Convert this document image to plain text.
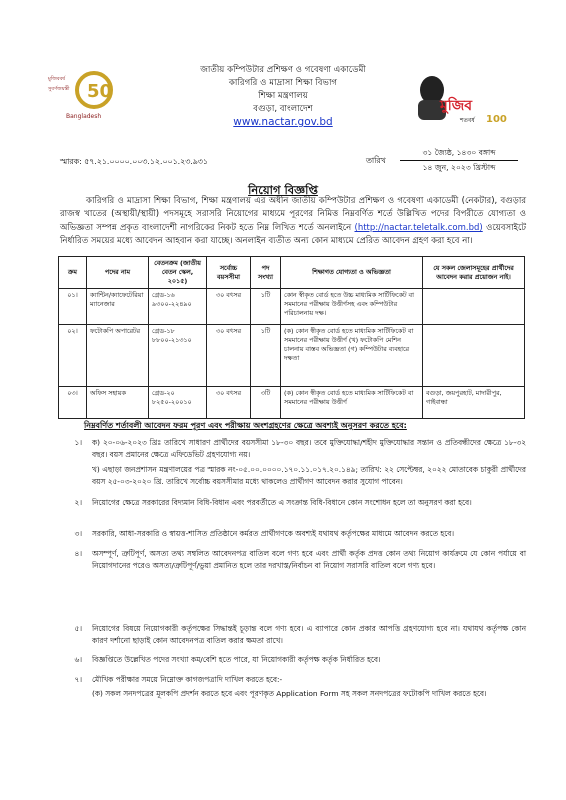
50
মুজিববর্ষ
সুবর্ণজয়ন্তী
Bangladesh
মুজিব
শতবর্ষ 100
জাতীয় কম্পিউটার প্রশিক্ষণ ও গবেষণা একাডেমী
কারিগরি ও মাদ্রাসা শিক্ষা বিভাগ
শিক্ষা মন্ত্রণালয়
বগুড়া, বাংলাদেশ
www.nactar.gov.bd
স্মারক: ৫৭.২১.০০০০.০০৩.১২.০০১.২৩.৯৩১	তারিখ
৩১ জ্যৈষ্ঠ, ১৪৩০ বঙ্গাব্দ
১৪ জুন, ২০২৩ খ্রিস্টাব্দ
নিয়োগ বিজ্ঞপ্তি
কারিগরি ও মাদ্রাসা শিক্ষা বিভাগ, শিক্ষা মন্ত্রণালয় এর অধীন জাতীয় কম্পিউটার প্রশিক্ষণ ও গবেষণা একাডেমী (নেকটার), বগুড়ার রাজস্ব খাতের (অস্থায়ী/স্থায়ী) পদসমূহে সরাসরি নিয়োগের মাধ্যমে পূরণের নিমিত্ত নিম্নবর্ণিত শর্তে উল্লিখিত পদের বিপরীতে যোগ্যতা ও অভিজ্ঞতা সম্পন্ন প্রকৃত বাংলাদেশী নাগরিকের নিকট হতে নিম্ন লিখিত শর্তে অনলাইনে (http://nactar.teletalk.com.bd) ওয়েবসাইটে নির্ধারিত সময়ের মধ্যে আবেদন আহবান করা যাচ্ছে। অনলাইন ব্যতীত অন্য কোন মাধ্যমে প্রেরিত আবেদন গ্রহণ করা হবে না।
ক্রম	পদের নাম	বেতনক্রম (জাতীয় বেতন স্কেল, ২০১৫)	সর্বোচ্চ বয়সসীমা	পদ সংখ্যা	শিক্ষাগত যোগ্যতা ও অভিজ্ঞতা	যে সকল জেলাসমূহের প্রার্থীদের আবেদন করার প্রয়োজন নাই।
০১।	ক্যান্টিন/ক্যাফেটেরিয়া ম্যানেজার	গ্রেড-১৬ ৯৩০০-২২৪৯০	৩০ বৎসর	১টি	কোন স্বীকৃত বোর্ড হতে উচ্চ মাধ্যমিক সার্টিফিকেট বা সমমানের পরীক্ষায় উত্তীর্ণসহ এবং কম্পিউটার পরিচালনায় দক্ষ।	
০২।	ফটোকপি অপারেটর	গ্রেড-১৮ ৮৮০০-২১৩১০	৩০ বৎসর	১টি	(ক) কোন স্বীকৃত বোর্ড হতে মাধ্যমিক সার্টিফিকেট বা সমমানের পরীক্ষায় উত্তীর্ণ (খ) ফটোকপি মেশিন চালনায় বাস্তব অভিজ্ঞতা (গ) কম্পিউটার ব্যবহারে দক্ষতা	
০৩।	অফিস সহায়ক	গ্রেড-২০ ৮২৫০-২০০১০	৩০ বৎসর	৩টি	(ক) কোন স্বীকৃত বোর্ড হতে মাধ্যমিক সার্টিফিকেট বা সমমানের পরীক্ষায় উত্তীর্ণ	বগুড়া, জয়পুরহাট, মাদারীপুর, গাইবান্ধা
নিম্নবর্ণিত শর্তাবলী আবেদন ফরম পূরণ এবং পরীক্ষায় অংশগ্রহণের ক্ষেত্রে অবশ্যই অনুসরণ করতে হবে:
১। ক) ২০-০৬-২০২৩ খ্রিঃ তারিখে সাধারণ প্রার্থীদের বয়সসীমা ১৮-৩০ বছর। তবে মুক্তিযোদ্ধা/শহীদ মুক্তিযোদ্ধার সন্তান ও প্রতিবন্ধীদের ক্ষেত্রে ১৮-৩২ বছর। বয়স প্রমানের ক্ষেত্রে এফিডেভিট গ্রহণযোগ্য নয়।
খ) এছাড়া জনপ্রশাসন মন্ত্রণালয়ের পত্র স্মারক নং-০৫.০০.০০০০.১৭০.১১.০১৭.২০.১৪৯; তারিখ: ২২ সেপ্টেম্বর, ২০২২ মোতাবেক চাকুরী প্রার্থীদের বয়স ২৫-০৩-২০২০ খ্রি. তারিখে সর্বোচ্চ বয়সসীমার মধ্যে থাকলেও প্রার্থীগণ আবেদন করার সুযোগ পাবেন।
২। নিয়োগের ক্ষেত্রে সরকারের বিদ্যমান বিধি-বিধান এবং পরবর্তীতে এ সংক্রান্ত বিধি-বিধানে কোন সংশোধন হলে তা অনুসরণ করা হবে।
৩। সরকারি, আধা-সরকারি ও স্বায়ত্ত-শাসিত প্রতিষ্ঠানে কর্মরত প্রার্থীগণকে অবশ্যই যথাযথ কর্তৃপক্ষের মাধ্যমে আবেদন করতে হবে।
৪। অসম্পূর্ণ, ত্রুটিপূর্ণ, অসত্য তথ্য সম্বলিত আবেদনপত্র বাতিল বলে গণ্য হবে এবং প্রার্থী কর্তৃক প্রদত্ত কোন তথ্য নিয়োগ কার্যক্রমে যে কোন পর্যায়ে বা নিয়োগদানের পরেও অসত্য/ত্রুটিপূর্ণ/ভুয়া প্রমানিত হলে তার দরখাস্ত/নির্বাচন বা নিয়োগ সরাসরি বাতিল বলে গণ্য হবে।
৫। নিয়োগের বিষয়ে নিয়োগকারী কর্তৃপক্ষের সিদ্ধান্তই চূড়ান্ত বলে গণ্য হবে। এ ব্যাপারে কোন প্রকার আপত্তি গ্রহণযোগ্য হবে না। যথাযথ কর্তৃপক্ষ কোন কারণ দর্শানো ছাড়াই কোন আবেদনপত্র বাতিল করার ক্ষমতা রাখে।
৬। বিজ্ঞপ্তিতে উল্লেখিত পদের সংখ্যা কম/বেশি হতে পারে, যা নিয়োগকারী কর্তৃপক্ষ কর্তৃক নির্ধারিত হবে।
৭। মৌখিক পরীক্ষার সময়ে নিম্নোক্ত কাগজপত্রাদি দাখিল করতে হবে:-
(ক) সকল সনদপত্রের মূলকপি প্রদর্শন করতে হবে এবং পূরণকৃত Application Form সহ সকল সনদপত্রের ফটোকপি দাখিল করতে হবে।
